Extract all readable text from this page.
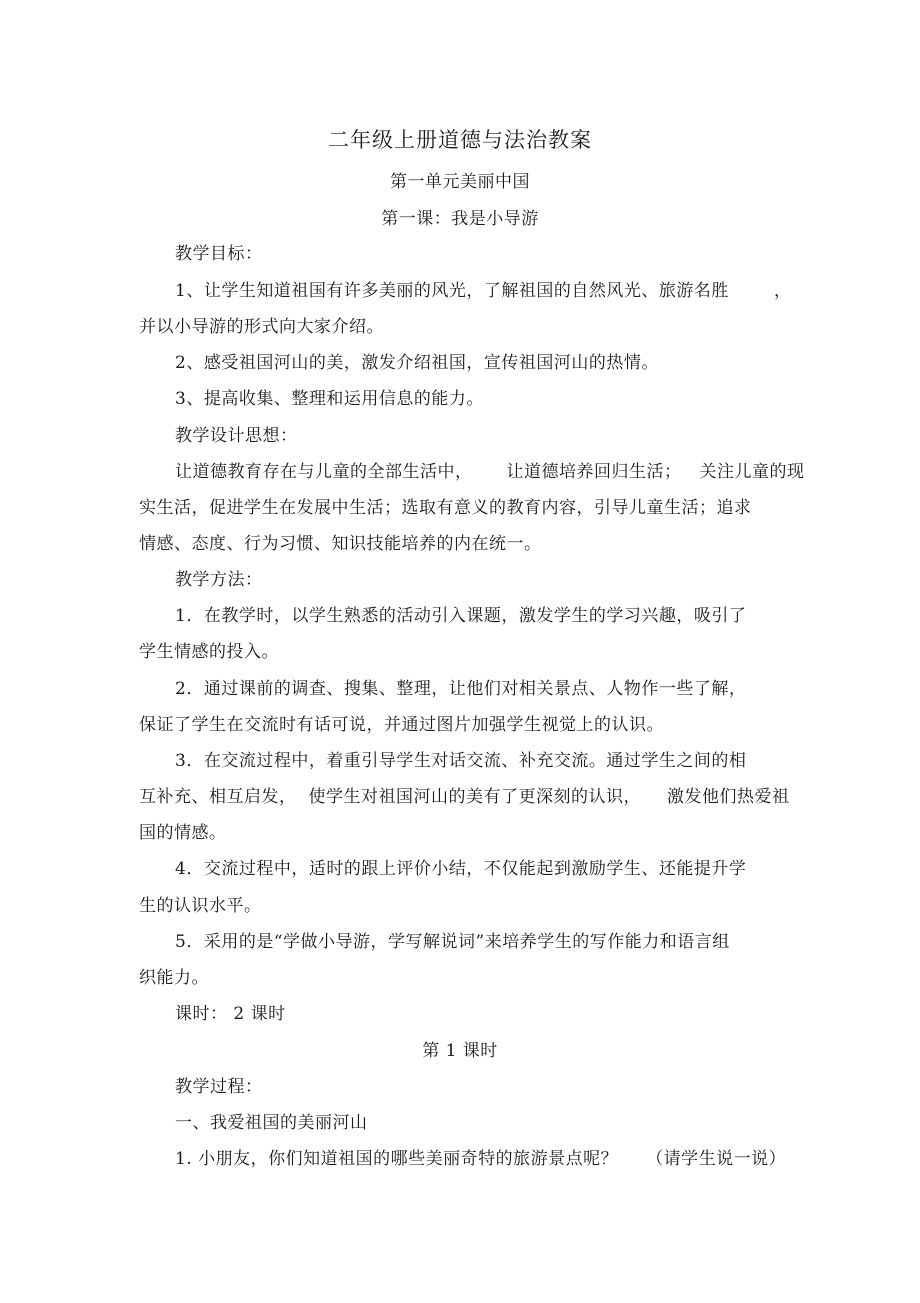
二年级上册道德与法治教案
第一单元美丽中国
第一课：我是小导游
教学目标：
1、让学生知道祖国有许多美丽的风光，了解祖国的自然风光、旅游名胜	，
并以小导游的形式向大家介绍。
2、感受祖国河山的美，激发介绍祖国，宣传祖国河山的热情。
3、提高收集、整理和运用信息的能力。
教学设计思想：
让道德教育存在与儿童的全部生活中， 让道德培养回归生活； 关注儿童的现
实生活，促进学生在发展中生活；选取有意义的教育内容，引导儿童生活；追求
情感、态度、行为习惯、知识技能培养的内在统一。
教学方法：
1．在教学时，以学生熟悉的活动引入课题，激发学生的学习兴趣，吸引了
学生情感的投入。
2．通过课前的调查、搜集、整理，让他们对相关景点、人物作一些了解，
保证了学生在交流时有话可说，并通过图片加强学生视觉上的认识。
3．在交流过程中，着重引导学生对话交流、补充交流。通过学生之间的相
互补充、相互启发， 使学生对祖国河山的美有了更深刻的认识， 激发他们热爱祖
国的情感。
4．交流过程中，适时的跟上评价小结，不仅能起到激励学生、还能提升学
生的认识水平。
5．采用的是“学做小导游，学写解说词”来培养学生的写作能力和语言组
织能力。
课时： 2 课时
第 1 课时
教学过程：
一、我爱祖国的美丽河山
1. 小朋友，你们知道祖国的哪些美丽奇特的旅游景点呢？ （请学生说一说）
